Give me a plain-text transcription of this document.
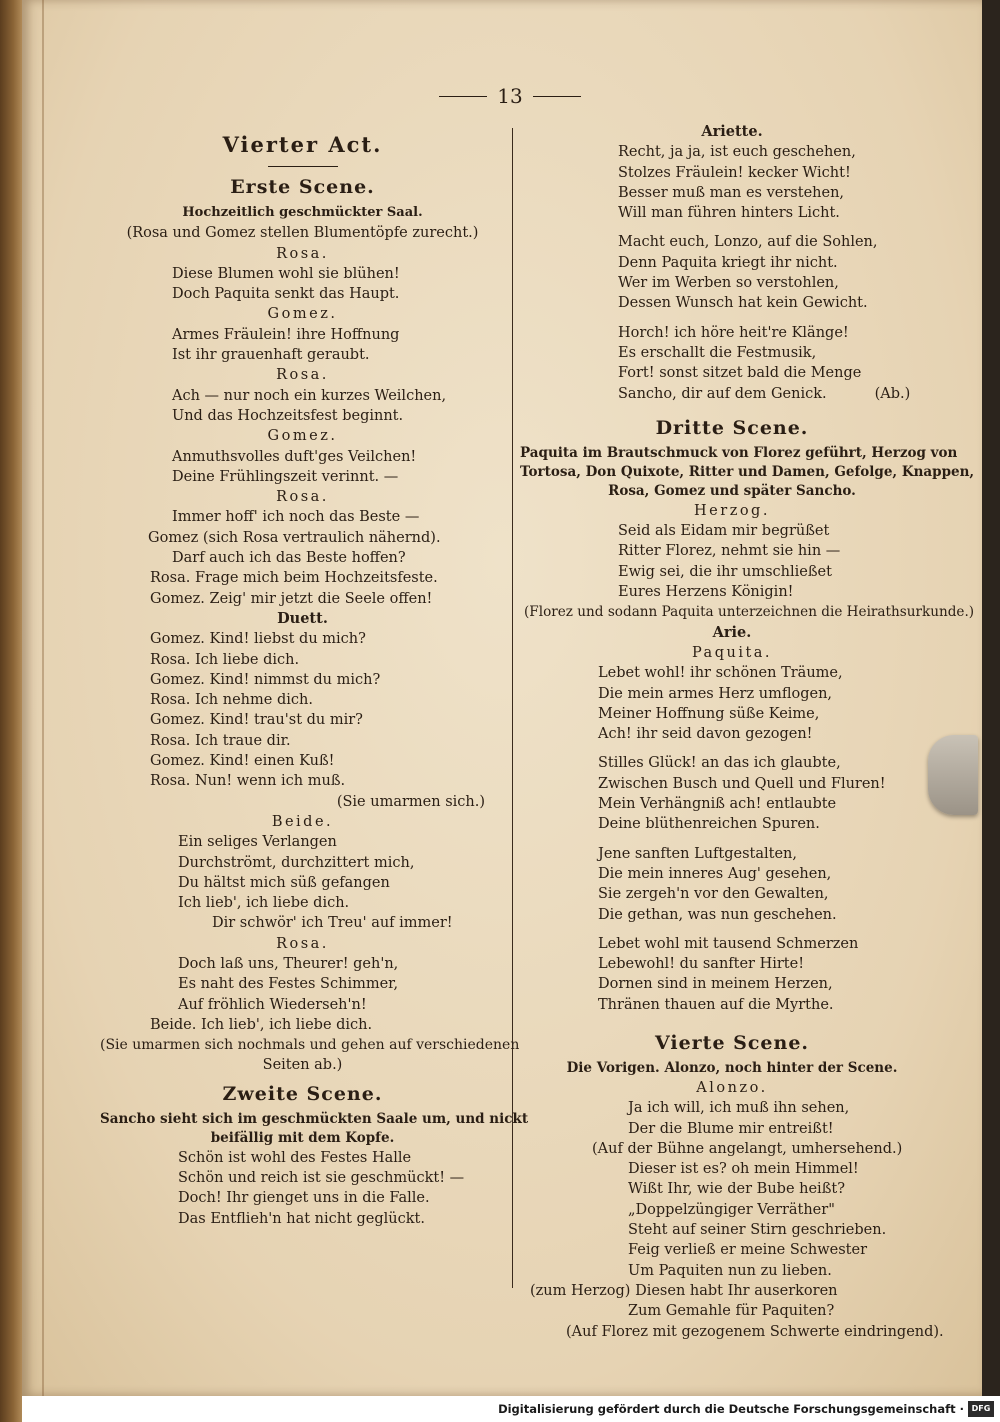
13
Vierter Act.
Erste Scene.
Hochzeitlich geschmückter Saal.
(Rosa und Gomez stellen Blumentöpfe zurecht.)
Rosa.
Diese Blumen wohl sie blühen!
Doch Paquita senkt das Haupt.
Gomez.
Armes Fräulein! ihre Hoffnung
Ist ihr grauenhaft geraubt.
Rosa.
Ach — nur noch ein kurzes Weilchen,
Und das Hochzeitsfest beginnt.
Gomez.
Anmuthsvolles duft'ges Veilchen!
Deine Frühlingszeit verinnt. —
Rosa.
Immer hoff' ich noch das Beste —
Gomez (sich Rosa vertraulich nähernd).
Darf auch ich das Beste hoffen?
Rosa. Frage mich beim Hochzeitsfeste.
Gomez. Zeig' mir jetzt die Seele offen!
Duett.
Gomez. Kind! liebst du mich?
Rosa. Ich liebe dich.
Gomez. Kind! nimmst du mich?
Rosa. Ich nehme dich.
Gomez. Kind! trau'st du mir?
Rosa. Ich traue dir.
Gomez. Kind! einen Kuß!
Rosa. Nun! wenn ich muß.
(Sie umarmen sich.)
Beide.
Ein seliges Verlangen
Durchströmt, durchzittert mich,
Du hältst mich süß gefangen
Ich lieb', ich liebe dich.
Dir schwör' ich Treu' auf immer!
Rosa.
Doch laß uns, Theurer! geh'n,
Es naht des Festes Schimmer,
Auf fröhlich Wiederseh'n!
Beide. Ich lieb', ich liebe dich.
(Sie umarmen sich nochmals und gehen auf verschiedenen
Seiten ab.)
Zweite Scene.
Sancho sieht sich im geschmückten Saale um, und nickt
beifällig mit dem Kopfe.
Schön ist wohl des Festes Halle
Schön und reich ist sie geschmückt! —
Doch! Ihr gienget uns in die Falle.
Das Entflieh'n hat nicht geglückt.
Ariette.
Recht, ja ja, ist euch geschehen,
Stolzes Fräulein! kecker Wicht!
Besser muß man es verstehen,
Will man führen hinters Licht.
Macht euch, Lonzo, auf die Sohlen,
Denn Paquita kriegt ihr nicht.
Wer im Werben so verstohlen,
Dessen Wunsch hat kein Gewicht.
Horch! ich höre heit're Klänge!
Es erschallt die Festmusik,
Fort! sonst sitzet bald die Menge
Sancho, dir auf dem Genick.	(Ab.)
Dritte Scene.
Paquita im Brautschmuck von Florez geführt, Herzog von
Tortosa, Don Quixote, Ritter und Damen, Gefolge, Knappen,
Rosa, Gomez und später Sancho.
Herzog.
Seid als Eidam mir begrüßet
Ritter Florez, nehmt sie hin —
Ewig sei, die ihr umschließet
Eures Herzens Königin!
(Florez und sodann Paquita unterzeichnen die Heirathsurkunde.)
Arie.
Paquita.
Lebet wohl! ihr schönen Träume,
Die mein armes Herz umflogen,
Meiner Hoffnung süße Keime,
Ach! ihr seid davon gezogen!
Stilles Glück! an das ich glaubte,
Zwischen Busch und Quell und Fluren!
Mein Verhängniß ach! entlaubte
Deine blüthenreichen Spuren.
Jene sanften Luftgestalten,
Die mein inneres Aug' gesehen,
Sie zergeh'n vor den Gewalten,
Die gethan, was nun geschehen.
Lebet wohl mit tausend Schmerzen
Lebewohl! du sanfter Hirte!
Dornen sind in meinem Herzen,
Thränen thauen auf die Myrthe.
Vierte Scene.
Die Vorigen. Alonzo, noch hinter der Scene.
Alonzo.
Ja ich will, ich muß ihn sehen,
Der die Blume mir entreißt!
(Auf der Bühne angelangt, umhersehend.)
Dieser ist es? oh mein Himmel!
Wißt Ihr, wie der Bube heißt?
„Doppelzüngiger Verräther"
Steht auf seiner Stirn geschrieben.
Feig verließ er meine Schwester
Um Paquiten nun zu lieben.
(zum Herzog) Diesen habt Ihr auserkoren
Zum Gemahle für Paquiten?
(Auf Florez mit gezogenem Schwerte eindringend).
Digitalisierung gefördert durch die Deutsche Forschungsgemeinschaft · DFG
